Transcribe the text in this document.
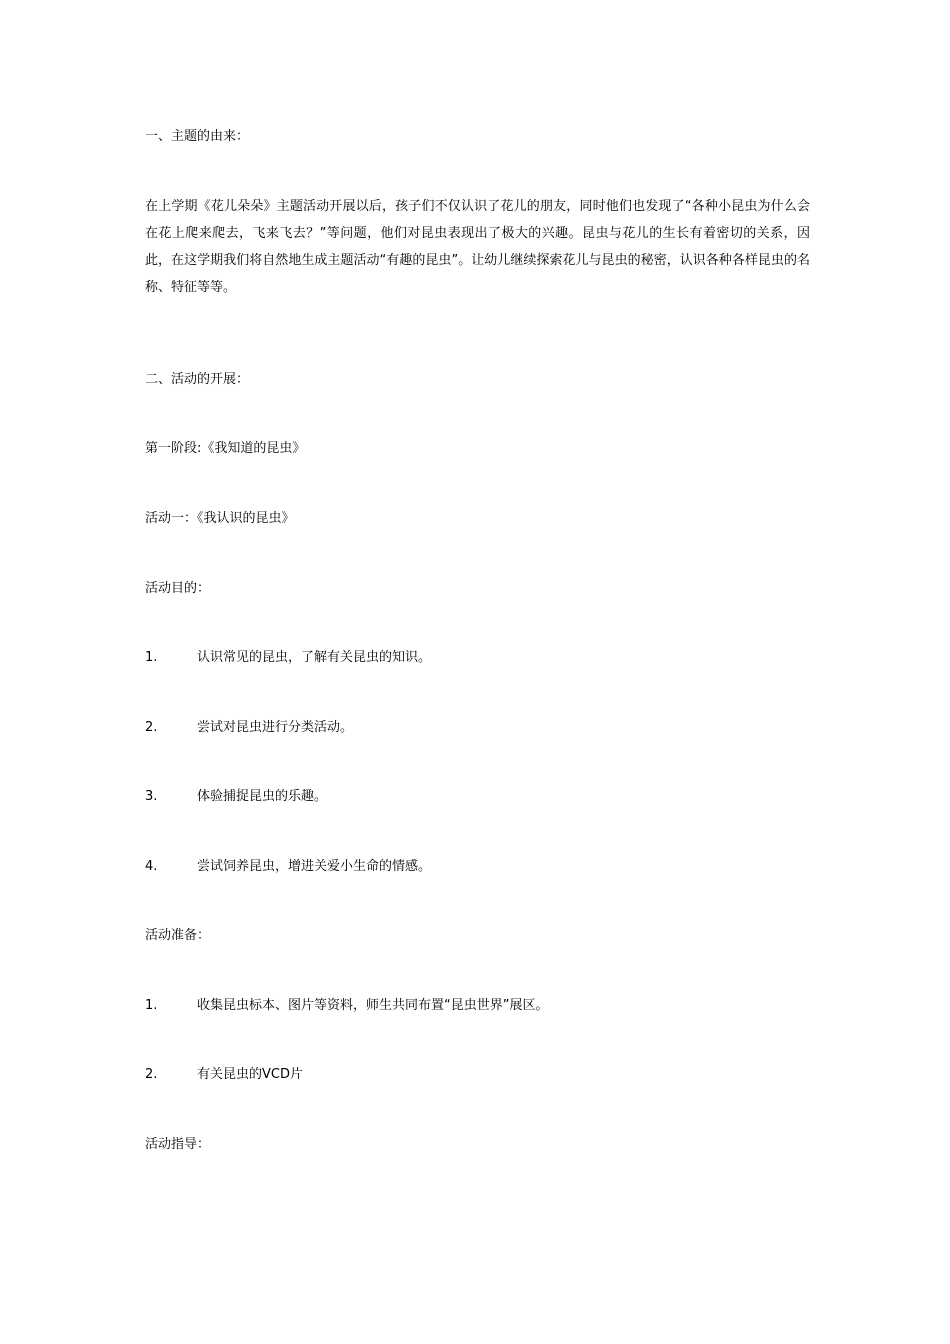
一、主题的由来：
在上学期《花儿朵朵》主题活动开展以后，孩子们不仅认识了花儿的朋友，同时他们也发现了“各种小昆虫为什么会在花上爬来爬去，飞来飞去？”等问题，他们对昆虫表现出了极大的兴趣。昆虫与花儿的生长有着密切的关系，因此，在这学期我们将自然地生成主题活动“有趣的昆虫”。让幼儿继续探索花儿与昆虫的秘密，认识各种各样昆虫的名称、特征等等。
二、活动的开展：
第一阶段:《我知道的昆虫》
活动一：《我认识的昆虫》
活动目的：
1.	认识常见的昆虫，了解有关昆虫的知识。
2.	尝试对昆虫进行分类活动。
3.	体验捕捉昆虫的乐趣。
4.	尝试饲养昆虫，增进关爱小生命的情感。
活动准备：
1.	收集昆虫标本、图片等资料，师生共同布置“昆虫世界”展区。
2.	有关昆虫的VCD片
活动指导：
